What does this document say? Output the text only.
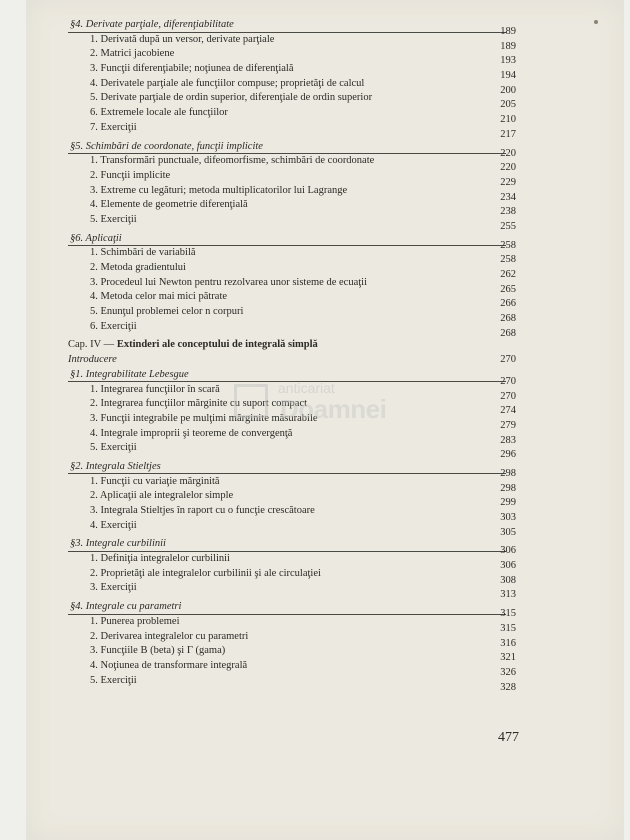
§4. Derivate parţiale, diferenţiabilitate
189
1. Derivată după un versor, derivate parţiale
189
2. Matrici jacobiene
193
3. Funcţii diferenţiabile; noţiunea de diferenţială
194
4. Derivatele parţiale ale funcţiilor compuse; proprietăţi de calcul
200
5. Derivate parţiale de ordin superior, diferenţiale de ordin superior
205
6. Extremele locale ale funcţiilor
210
7. Exerciţii
217
§5. Schimbări de coordonate, funcţii implicite
220
1. Transformări punctuale, difeomorfisme, schimbări de coordonate
220
2. Funcţii implicite
229
3. Extreme cu legături; metoda multiplicatorilor lui Lagrange
234
4. Elemente de geometrie diferenţială
238
5. Exerciţii
255
§6. Aplicaţii
258
1. Schimbări de variabilă
258
2. Metoda gradientului
262
3. Procedeul lui Newton pentru rezolvarea unor sisteme de ecuaţii
265
4. Metoda celor mai mici pătrate
266
5. Enunţul problemei celor n corpuri
268
6. Exerciţii
268
Cap. IV — Extinderi ale conceptului de integrală simplă
Introducere	270
§1. Integrabilitate Lebesgue
270
1. Integrarea funcţiilor în scară
270
2. Integrarea funcţiilor mărginite cu suport compact
274
3. Funcţii integrabile pe mulţimi mărginite măsurabile
279
4. Integrale improprii şi teoreme de convergenţă
283
5. Exerciţii
296
§2. Integrala Stieltjes
298
1. Funcţii cu variaţie mărginită
298
2. Aplicaţii ale integralelor simple
299
3. Integrala Stieltjes în raport cu o funcţie crescătoare
303
4. Exerciţii
305
§3. Integrale curbilinii
306
1. Definiţia integralelor curbilinii
306
2. Proprietăţi ale integralelor curbilinii şi ale circulaţiei
308
3. Exerciţii
313
§4. Integrale cu parametri
315
1. Punerea problemei
315
2. Derivarea integralelor cu parametri
316
3. Funcţiile B (beta) şi Γ (gama)
321
4. Noţiunea de transformare integrală
326
5. Exerciţii
328
anticariat
Doamnei
477
